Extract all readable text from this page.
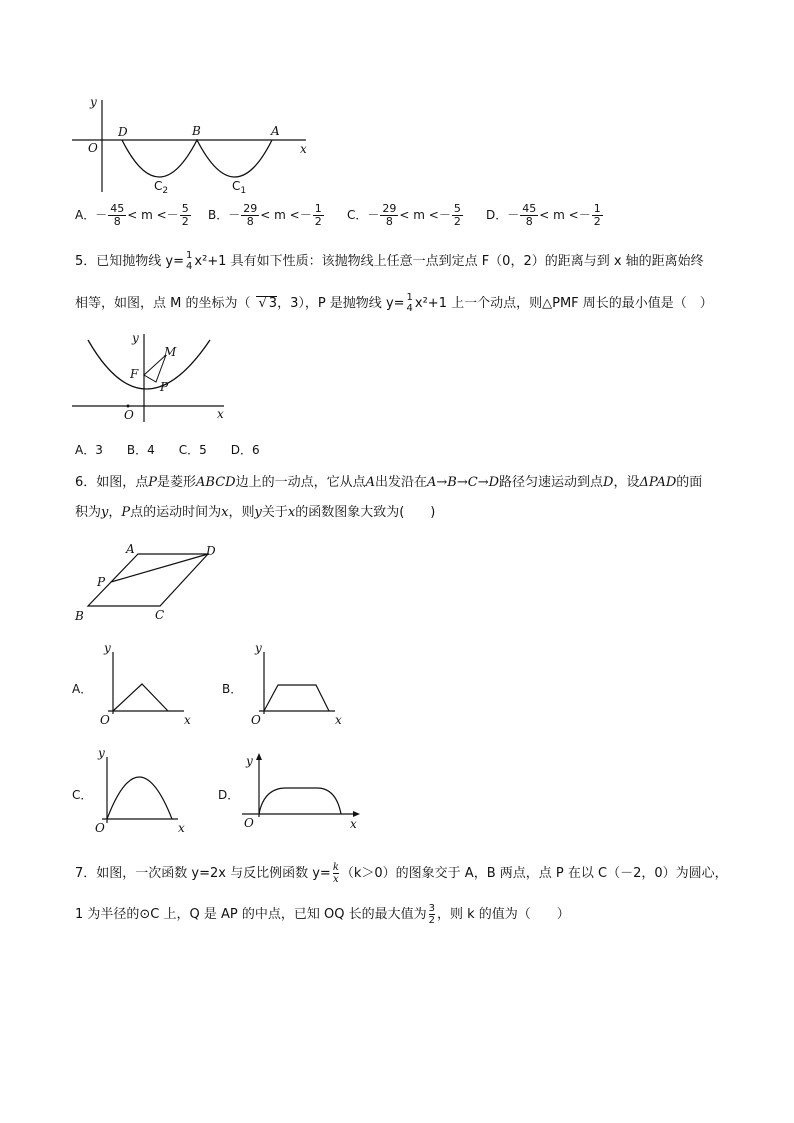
y
x
O
D	B	A
$C_2$	$C_1$
A． － $\frac{45}{8} < m$ < － $\frac{5}{2}$ B． － $\frac{29}{8} < m$ < － $\frac{1}{2}$ C． － $\frac{29}{8} < m$ < － $\frac{5}{2}$ D． － $\frac{45}{8} < m$ < － $\frac{1}{2}$
5．已知抛物线 y= 1
4 x²+1 具有如下性质：该抛物线上任意一点到定点 F（0，2）的距离与到 x 轴的距离始终
相等，如图，点 M 的坐标为（ √ 3 ，3），P 是抛物线 y= 1
4 x²+1 上一个动点，则△PMF 周长的最小值是（　）
y
x
O
F
M
P
A．3　　B．4　　C．5　　D．6
6．如图，点P是菱形ABCD边上的一动点，它从点A出发沿在A→B→C→D路径匀速运动到点D，设ΔPAD的面
积为y，P点的运动时间为x，则y关于x的函数图象大致为(　　)
A	D
P
B	C
A．
y
x
O
B．
y
x
O
C．
y
x
O
D．
y
x
O
7．如图，一次函数 y=2x 与反比例函数 $y= \frac{k}{x} (k>0)$的图象交于 A，B 两点，点 P 在以 C（－2，0）为圆心，
1 为半径的⊙C 上，Q 是 AP 的中点，已知 OQ 长的最大值为 $\frac{3}{2}$ ，则 k 的值为（　　）
